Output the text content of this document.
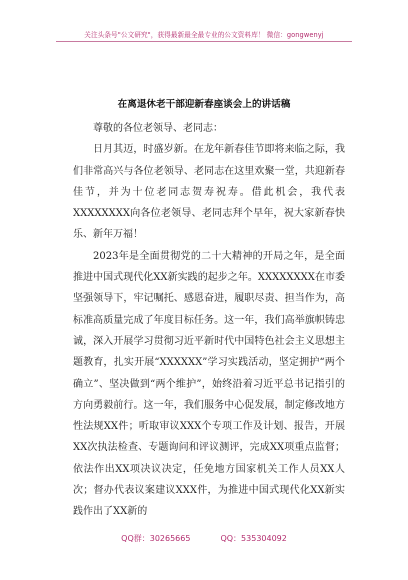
关注头条号"公文研究"，获得最新最全最专业的公文资料库！ 微信：gongwenyj
在离退休老干部迎新春座谈会上的讲话稿

尊敬的各位老领导、老同志：

日月其迈，时盛岁新。在龙年新春佳节即将来临之际，我们非常高兴与各位老领导、老同志在这里欢聚一堂，共迎新春佳节，并为十位老同志贺寿祝寿。借此机会，我代表XXXXXXXX向各位老领导、老同志拜个早年，祝大家新春快乐、新年万福！

2023年是全面贯彻党的二十大精神的开局之年，是全面推进中国式现代化XX新实践的起步之年。XXXXXXXX在市委坚强领导下，牢记嘱托、感恩奋进，履职尽责、担当作为，高标准高质量完成了年度目标任务。这一年，我们高举旗帜铸忠诚，深入开展学习贯彻习近平新时代中国特色社会主义思想主题教育，扎实开展“XXXXXX”学习实践活动，坚定拥护“两个确立”、坚决做到“两个维护”，始终沿着习近平总书记指引的方向勇毅前行。这一年，我们服务中心促发展，制定修改地方性法规XX件；听取审议XXX个专项工作及计划、报告，开展XX次执法检查、专题询问和评议测评，完成XX项重点监督；依法作出XX项决议决定，任免地方国家机关工作人员XX人次；督办代表议案建议XXX件，为推进中国式现代化XX新实践作出了XX新的

QQ群：30265665	QQ：535304092
